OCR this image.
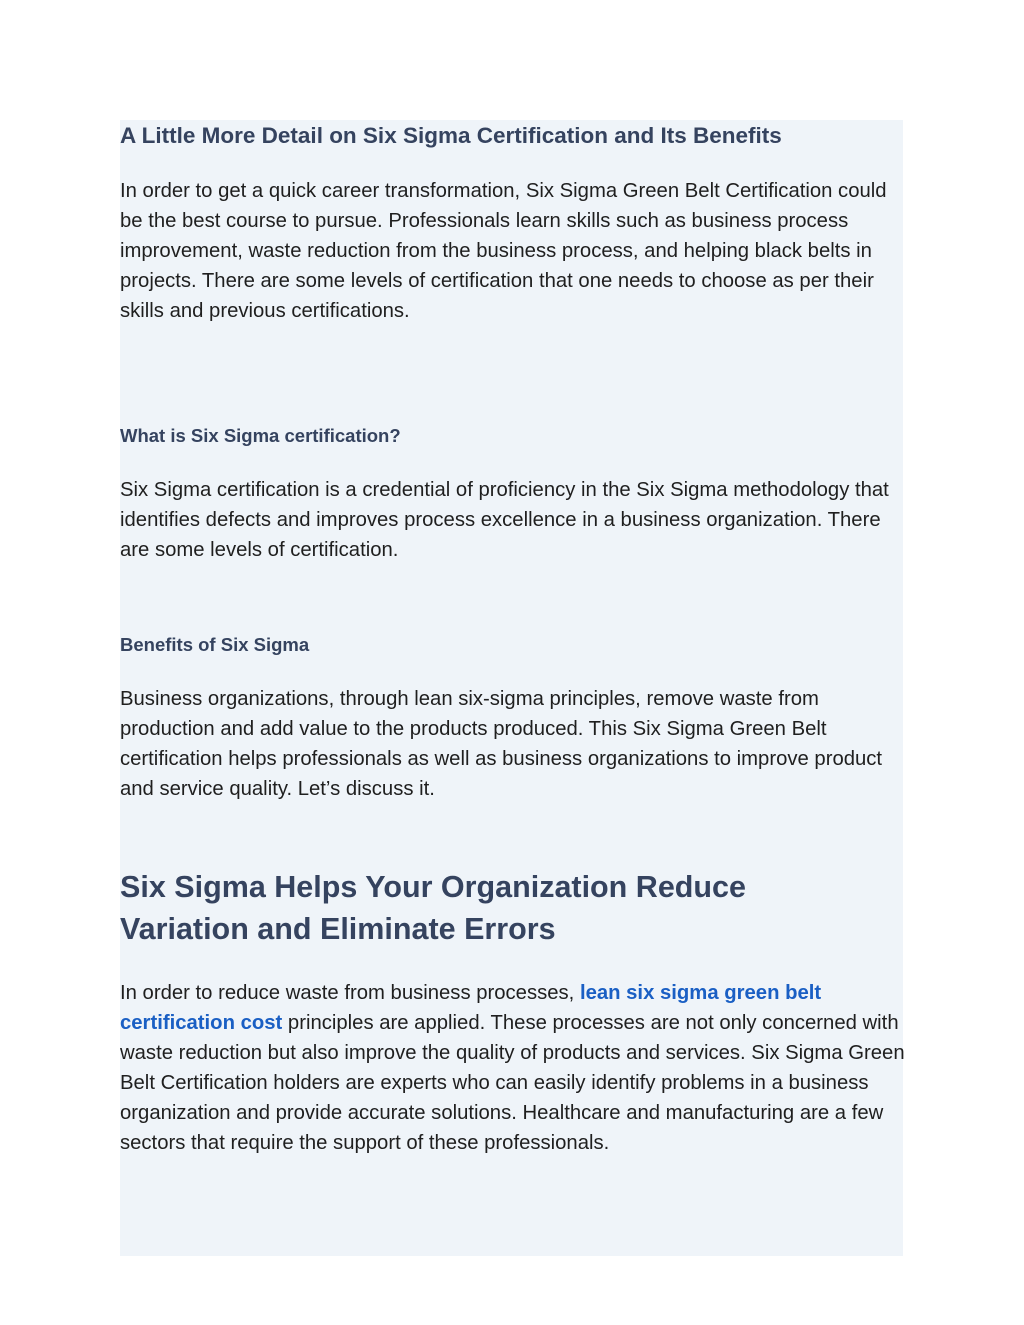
A Little More Detail on Six Sigma Certification and Its Benefits

In order to get a quick career transformation, Six Sigma Green Belt Certification could be the best course to pursue. Professionals learn skills such as business process improvement, waste reduction from the business process, and helping black belts in projects. There are some levels of certification that one needs to choose as per their skills and previous certifications.

What is Six Sigma certification?

Six Sigma certification is a credential of proficiency in the Six Sigma methodology that identifies defects and improves process excellence in a business organization. There are some levels of certification.

Benefits of Six Sigma

Business organizations, through lean six-sigma principles, remove waste from production and add value to the products produced. This Six Sigma Green Belt certification helps professionals as well as business organizations to improve product and service quality. Let’s discuss it.

Six Sigma Helps Your Organization Reduce Variation and Eliminate Errors

In order to reduce waste from business processes, lean six sigma green belt certification cost principles are applied. These processes are not only concerned with waste reduction but also improve the quality of products and services. Six Sigma Green Belt Certification holders are experts who can easily identify problems in a business organization and provide accurate solutions. Healthcare and manufacturing are a few sectors that require the support of these professionals.
